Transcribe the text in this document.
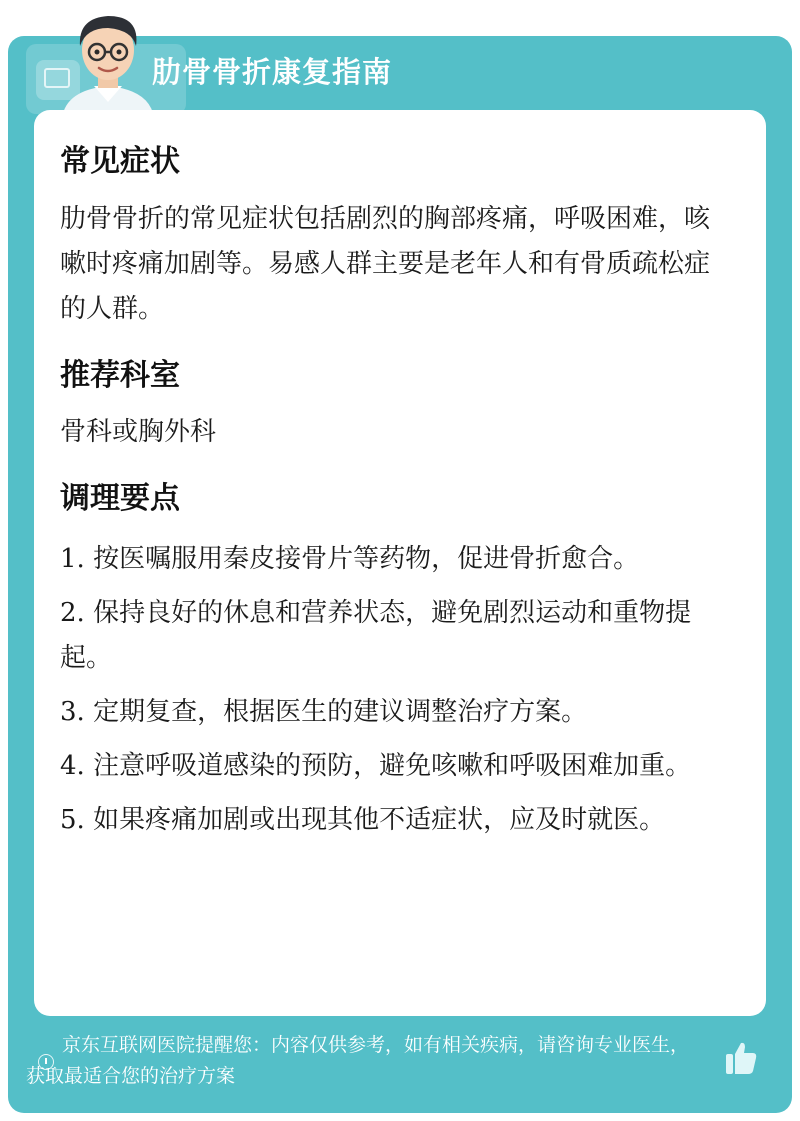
肋骨骨折康复指南
常见症状

肋骨骨折的常见症状包括剧烈的胸部疼痛，呼吸困难，咳嗽时疼痛加剧等。易感人群主要是老年人和有骨质疏松症的人群。

推荐科室

骨科或胸外科

调理要点

1. 按医嘱服用秦皮接骨片等药物，促进骨折愈合。

2. 保持良好的休息和营养状态，避免剧烈运动和重物提起。

3. 定期复查，根据医生的建议调整治疗方案。

4. 注意呼吸道感染的预防，避免咳嗽和呼吸困难加重。

5. 如果疼痛加剧或出现其他不适症状，应及时就医。

京东互联网医院提醒您：内容仅供参考，如有相关疾病，请咨询专业医生，获取最适合您的治疗方案
